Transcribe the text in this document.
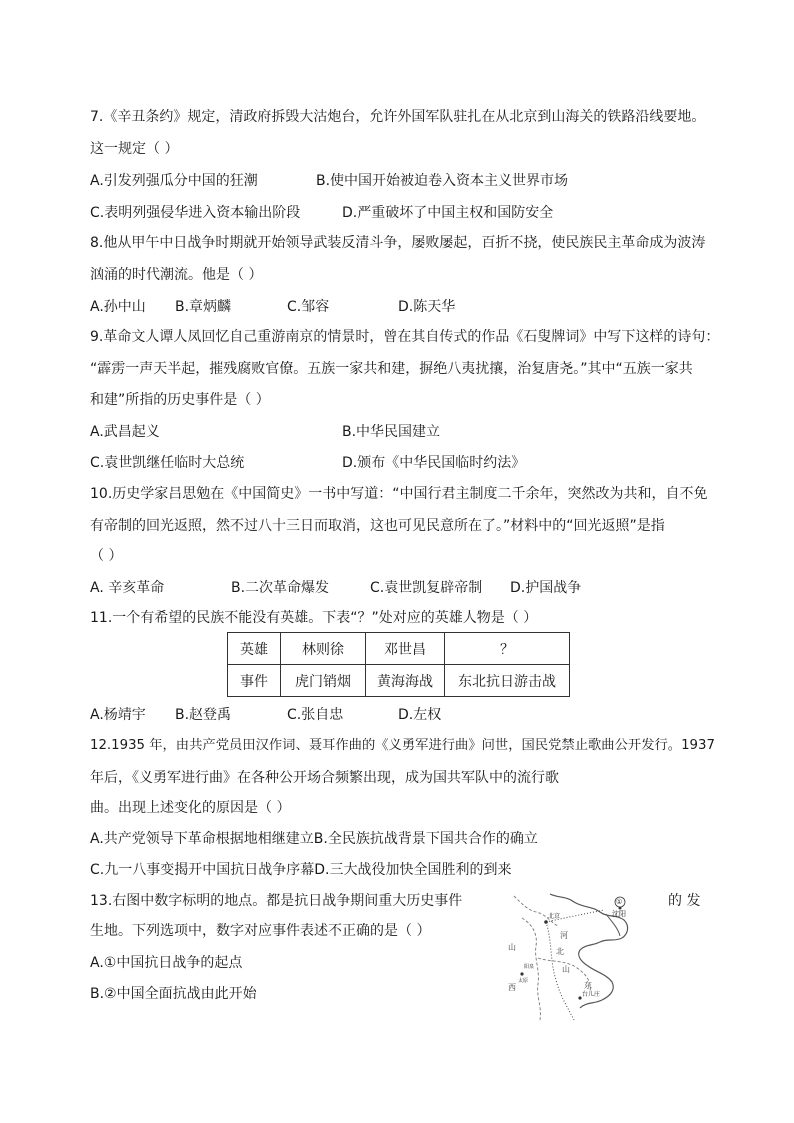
7.《辛丑条约》规定，清政府拆毁大沽炮台，允许外国军队驻扎在从北京到山海关的铁路沿线要地。
这一规定（ ）
A.引发列强瓜分中国的狂潮	B.使中国开始被迫卷入资本主义世界市场
C.表明列强侵华进入资本输出阶段	D.严重破坏了中国主权和国防安全
8.他从甲午中日战争时期就开始领导武装反清斗争，屡败屡起，百折不挠，使民族民主革命成为波涛
汹涌的时代潮流。他是（ ）
A.孙中山 B.章炳麟	C.邹容	D.陈天华
9.革命文人谭人凤回忆自己重游南京的情景时，曾在其自传式的作品《石叟牌词》中写下这样的诗句：
“霹雳一声天半起，摧残腐败官僚。五族一家共和建，摒绝八夷扰攘，治复唐尧。”其中“五族一家共
和建”所指的历史事件是（ ）
A.武昌起义	B.中华民国建立
C.袁世凯继任临时大总统	D.颁布《中华民国临时约法》
10.历史学家吕思勉在《中国简史》一书中写道：“中国行君主制度二千余年，突然改为共和，自不免
有帝制的回光返照，然不过八十三日而取消，这也可见民意所在了。”材料中的“回光返照”是指
（ ）
A. 辛亥革命	B.二次革命爆发	C.袁世凯复辟帝制 D.护国战争
11.一个有希望的民族不能没有英雄。下表“？”处对应的英雄人物是（ ）
英雄	林则徐	邓世昌	？
事件	虎门销烟	黄海海战	东北抗日游击战
A.杨靖宇 B.赵登禹	C.张自忠	D.左权
12.1935 年，由共产党员田汉作词、聂耳作曲的《义勇军进行曲》问世，国民党禁止歌曲公开发行。1937
年后，《义勇军进行曲》在各种公开场合频繁出现，成为国共军队中的流行歌
曲。出现上述变化的原因是（ ）
A.共产党领导下革命根据地相继建立B.全民族抗战背景下国共合作的确立
C.九一八事变揭开中国抗日战争序幕D.三大战役加快全国胜利的到来
13.右图中数字标明的地点。都是抗日战争期间重大历史事件	的 发
生地。下列选项中，数字对应事件表述不正确的是（ ）
A.①中国抗日战争的起点
B.②中国全面抗战由此开始
①
沈阳
北京
山
西
河
北
山
东
台儿庄
太原
阳泉
